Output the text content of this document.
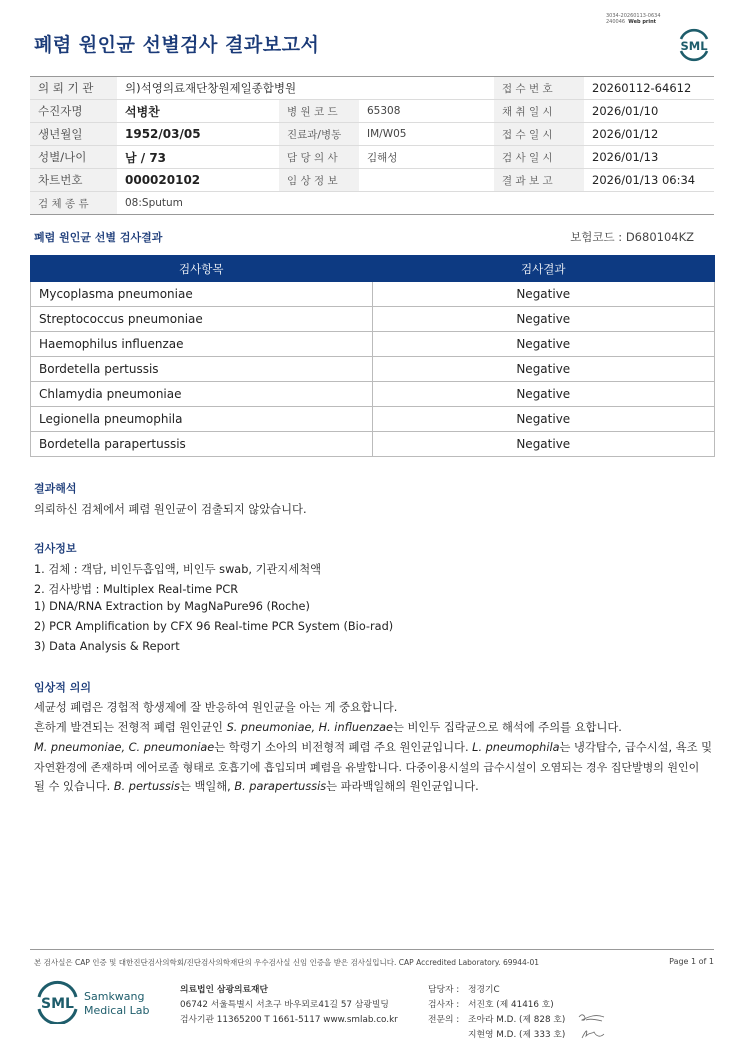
3034-20260113-0634
240046 Web print
폐렴 원인균 선별검사 결과보고서	SML
의 뢰 기 관	의)석영의료재단창원제일종합병원			접 수 번 호	20260112-64612
수진자명	석병찬	병 원 코 드	65308	채 취 일 시	2026/01/10
생년월일	1952/03/05	진료과/병동	IM/W05	접 수 일 시	2026/01/12
성별/나이	남 / 73	담 당 의 사	김해성	검 사 일 시	2026/01/13
차트번호	000020102	임 상 정 보		결 과 보 고	2026/01/13 06:34
검 체 종 류	08:Sputum				
폐렴 원인균 선별 검사결과	보험코드 : D680104KZ
검사항목	검사결과
Mycoplasma pneumoniae	Negative
Streptococcus pneumoniae	Negative
Haemophilus influenzae	Negative
Bordetella pertussis	Negative
Chlamydia pneumoniae	Negative
Legionella pneumophila	Negative
Bordetella parapertussis	Negative
결과해석
의뢰하신 검체에서 폐렴 원인균이 검출되지 않았습니다.
검사정보
1. 검체 : 객담, 비인두흡입액, 비인두 swab, 기관지세척액
2. 검사방법 : Multiplex Real-time PCR
1) DNA/RNA Extraction by MagNaPure96 (Roche)
2) PCR Amplification by CFX 96 Real-time PCR System (Bio-rad)
3) Data Analysis & Report
임상적 의의
세균성 폐렴은 경험적 항생제에 잘 반응하여 원인균을 아는 게 중요합니다.
흔하게 발견되는 전형적 폐렴 원인균인 S. pneumoniae, H. influenzae는 비인두 집락균으로 해석에 주의를 요합니다.
M. pneumoniae, C. pneumoniae는 학령기 소아의 비전형적 폐렴 주요 원인균입니다. L. pneumophila는 냉각탑수, 급수시설, 욕조 및
자연환경에 존재하며 에어로졸 형태로 호흡기에 흡입되며 폐렴을 유발합니다. 다중이용시설의 급수시설이 오염되는 경우 집단발병의 원인이
될 수 있습니다. B. pertussis는 백일해, B. parapertussis는 파라백일해의 원인균입니다.
본 검사실은 CAP 인증 및 대한진단검사의학회/진단검사의학재단의 우수검사실 신임 인증을 받은 검사실입니다. CAP Accredited Laboratory. 69944-01	Page 1 of 1
SML Samkwang
Medical Lab
의료법인 삼광의료재단
06742 서울특별시 서초구 바우뫼로41길 57 삼광빌딩
검사기관 11365200 T 1661-5117 www.smlab.co.kr
담당자 : 정경기C
검사자 : 서진호 (제 41416 호)
전문의 : 조아라 M.D. (제 828 호)
지현영 M.D. (제 333 호)
